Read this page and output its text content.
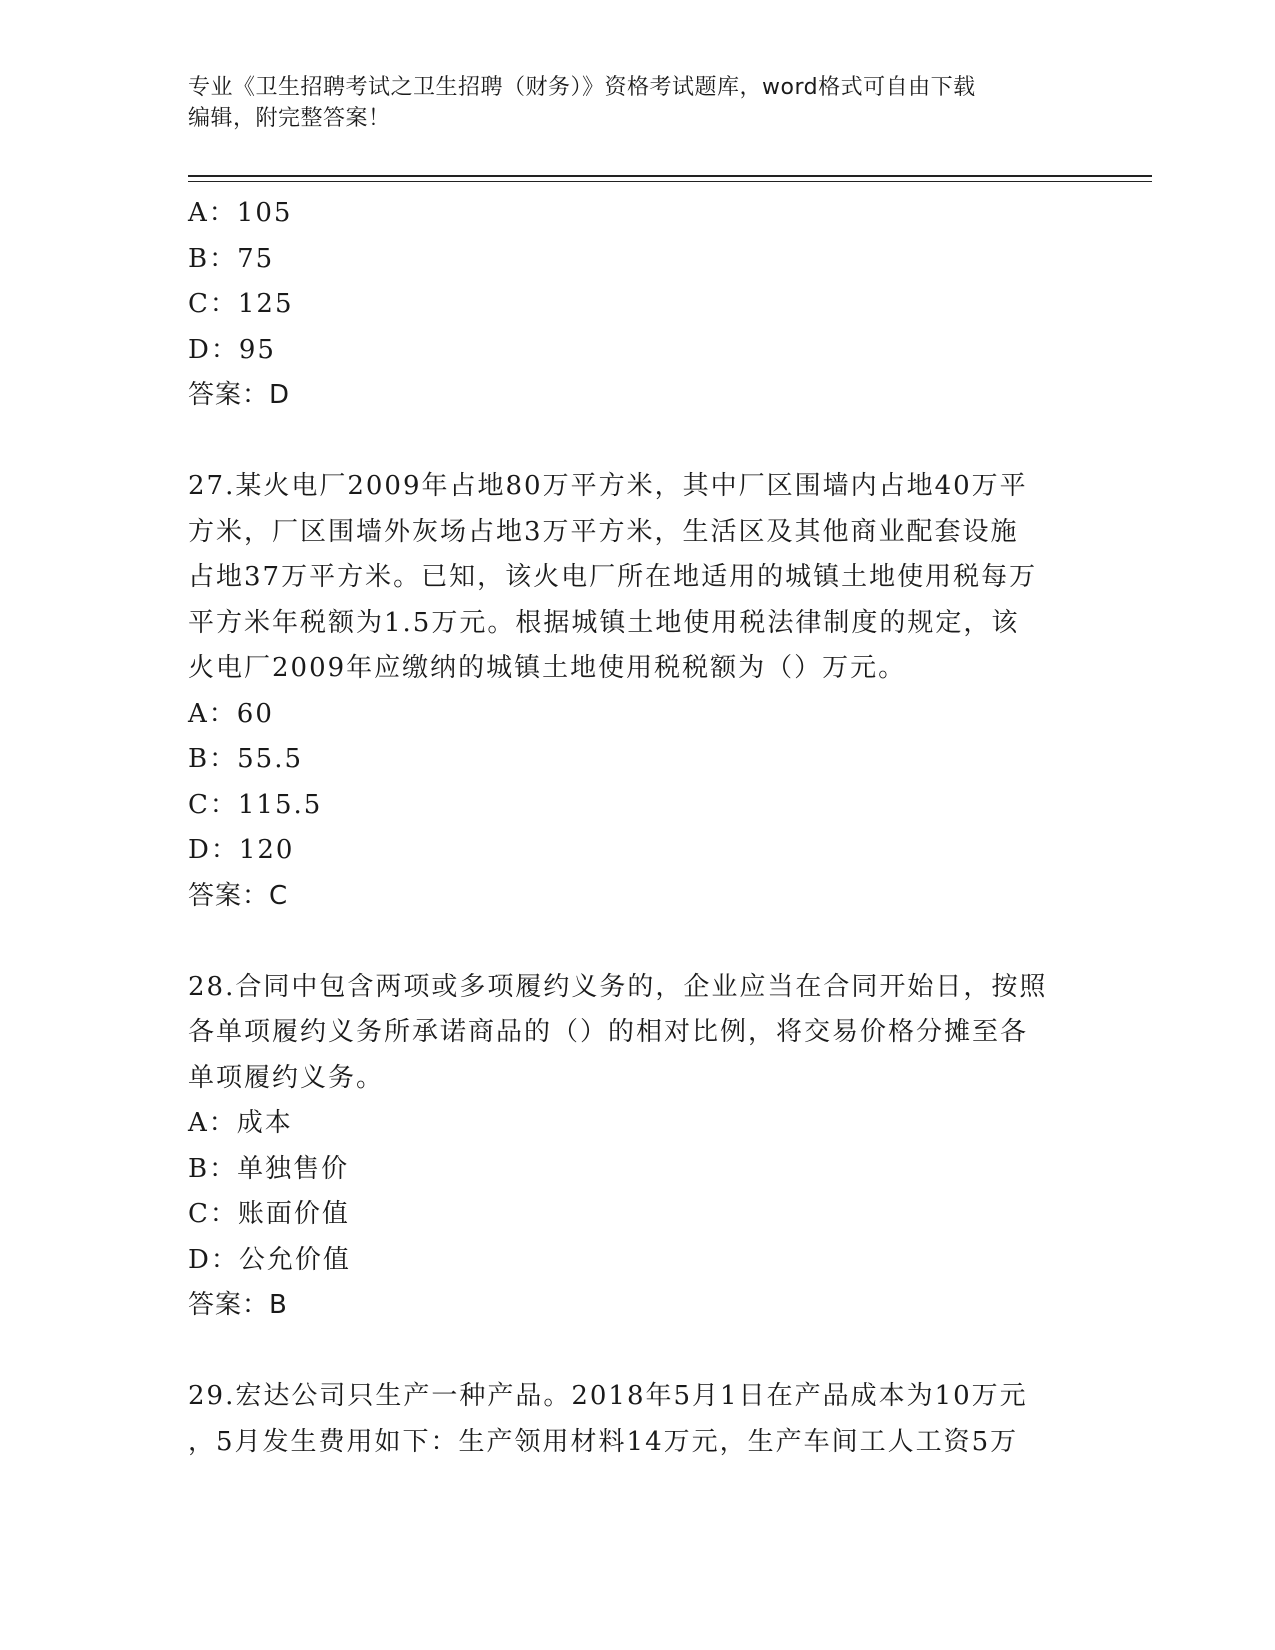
专业《卫生招聘考试之卫生招聘（财务）》资格考试题库，word格式可自由下载
编辑，附完整答案！
A：105
B：75
C：125
D：95
答案：D
27.某火电厂2009年占地80万平方米，其中厂区围墙内占地40万平
方米，厂区围墙外灰场占地3万平方米，生活区及其他商业配套设施
占地37万平方米。已知，该火电厂所在地适用的城镇土地使用税每万
平方米年税额为1.5万元。根据城镇土地使用税法律制度的规定，该
火电厂2009年应缴纳的城镇土地使用税税额为（）万元。
A：60
B：55.5
C：115.5
D：120
答案：C
28.合同中包含两项或多项履约义务的，企业应当在合同开始日，按照
各单项履约义务所承诺商品的（）的相对比例，将交易价格分摊至各
单项履约义务。
A：成本
B：单独售价
C：账面价值
D：公允价值
答案：B
29.宏达公司只生产一种产品。2018年5月1日在产品成本为10万元
，5月发生费用如下：生产领用材料14万元，生产车间工人工资5万
